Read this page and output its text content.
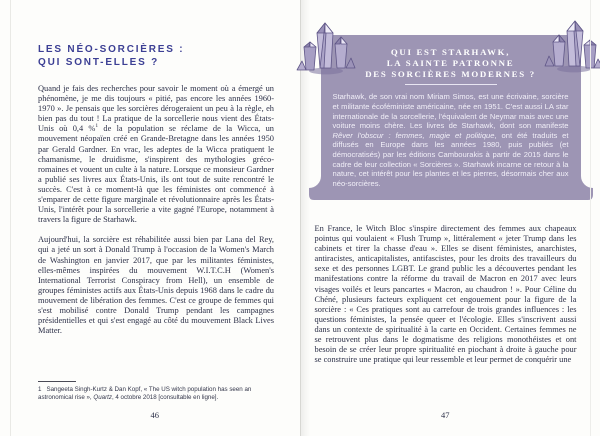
LES NÉO-SORCIÈRES :
QUI SONT-ELLES ?

Quand je fais des recherches pour savoir le moment où a émergé un phénomène, je me dis toujours « pitié, pas encore les années 1960-1970 ». Je pensais que les sorcières dérogeraient un peu à la règle, eh bien pas du tout ! La pratique de la sorcellerie nous vient des États-Unis où 0,4 %$^1$ de la population se réclame de la Wicca, un mouvement néopaïen créé en Grande-Bretagne dans les années 1950 par Gerald Gardner. En vrac, les adeptes de la Wicca pratiquent le chamanisme, le druidisme, s'inspirent des mythologies gréco-romaines et vouent un culte à la nature. Lorsque ce monsieur Gardner a publié ses livres aux États-Unis, ils ont tout de suite rencontré le succès. C'est à ce moment-là que les féministes ont commencé à s'emparer de cette figure marginale et révolutionnaire après les États-Unis, l'intérêt pour la sorcellerie a vite gagné l'Europe, notamment à travers la figure de Starhawk.

Aujourd'hui, la sorcière est réhabilitée aussi bien par Lana del Rey, qui a jeté un sort à Donald Trump à l'occasion de la Women's March de Washington en janvier 2017, que par les militantes féministes, elles-mêmes inspirées du mouvement W.I.T.C.H (Women's International Terrorist Conspiracy from Hell), un ensemble de groupes féministes actifs aux États-Unis depuis 1968 dans le cadre du mouvement de libération des femmes. C'est ce groupe de femmes qui s'est mobilisé contre Donald Trump pendant les campagnes présidentielles et qui s'est engagé au côté du mouvement Black Lives Matter.

1 Sangeeta Singh-Kurtz & Dan Kopf, « The US witch population has seen an astronomical rise », Quartz, 4 octobre 2018 [consultable en ligne].
46
QUI EST STARHAWK,
LA SAINTE PATRONNE
DES SORCIÈRES MODERNES ?
Starhawk, de son vrai nom Miriam Simos, est une écrivaine, sorcière et militante écoféministe américaine, née en 1951. C'est aussi LA star internationale de la sorcellerie, l'équivalent de Neymar mais avec une voiture moins chère. Les livres de Starhawk, dont son manifeste Rêver l'obscur : femmes, magie et politique, ont été traduits et diffusés en Europe dans les années 1980, puis publiés (et démocratisés) par les éditions Cambourakis à partir de 2015 dans le cadre de leur collection « Sorcières ». Starhawk incarne ce retour à la nature, cet intérêt pour les plantes et les pierres, désormais cher aux néo-sorcières.

En France, le Witch Bloc s'inspire directement des femmes aux chapeaux pointus qui voulaient « Flush Trump », littéralement « jeter Trump dans les cabinets et tirer la chasse d'eau ». Elles se disent féministes, anarchistes, antiracistes, anticapitalistes, antifascistes, pour les droits des travailleurs du sexe et des personnes LGBT. Le grand public les a découvertes pendant les manifestations contre la réforme du travail de Macron en 2017 avec leurs visages voilés et leurs pancartes « Macron, au chaudron ! ». Pour Céline du Chéné, plusieurs facteurs expliquent cet engouement pour la figure de la sorcière : « Ces pratiques sont au carrefour de trois grandes influences : les questions féministes, la pensée queer et l'écologie. Elles s'inscrivent aussi dans un contexte de spiritualité à la carte en Occident. Certaines femmes ne se retrouvent plus dans le dogmatisme des religions monothéistes et ont besoin de se créer leur propre spiritualité en piochant à droite à gauche pour se construire une pratique qui leur ressemble et leur permet de conquérir une

47
